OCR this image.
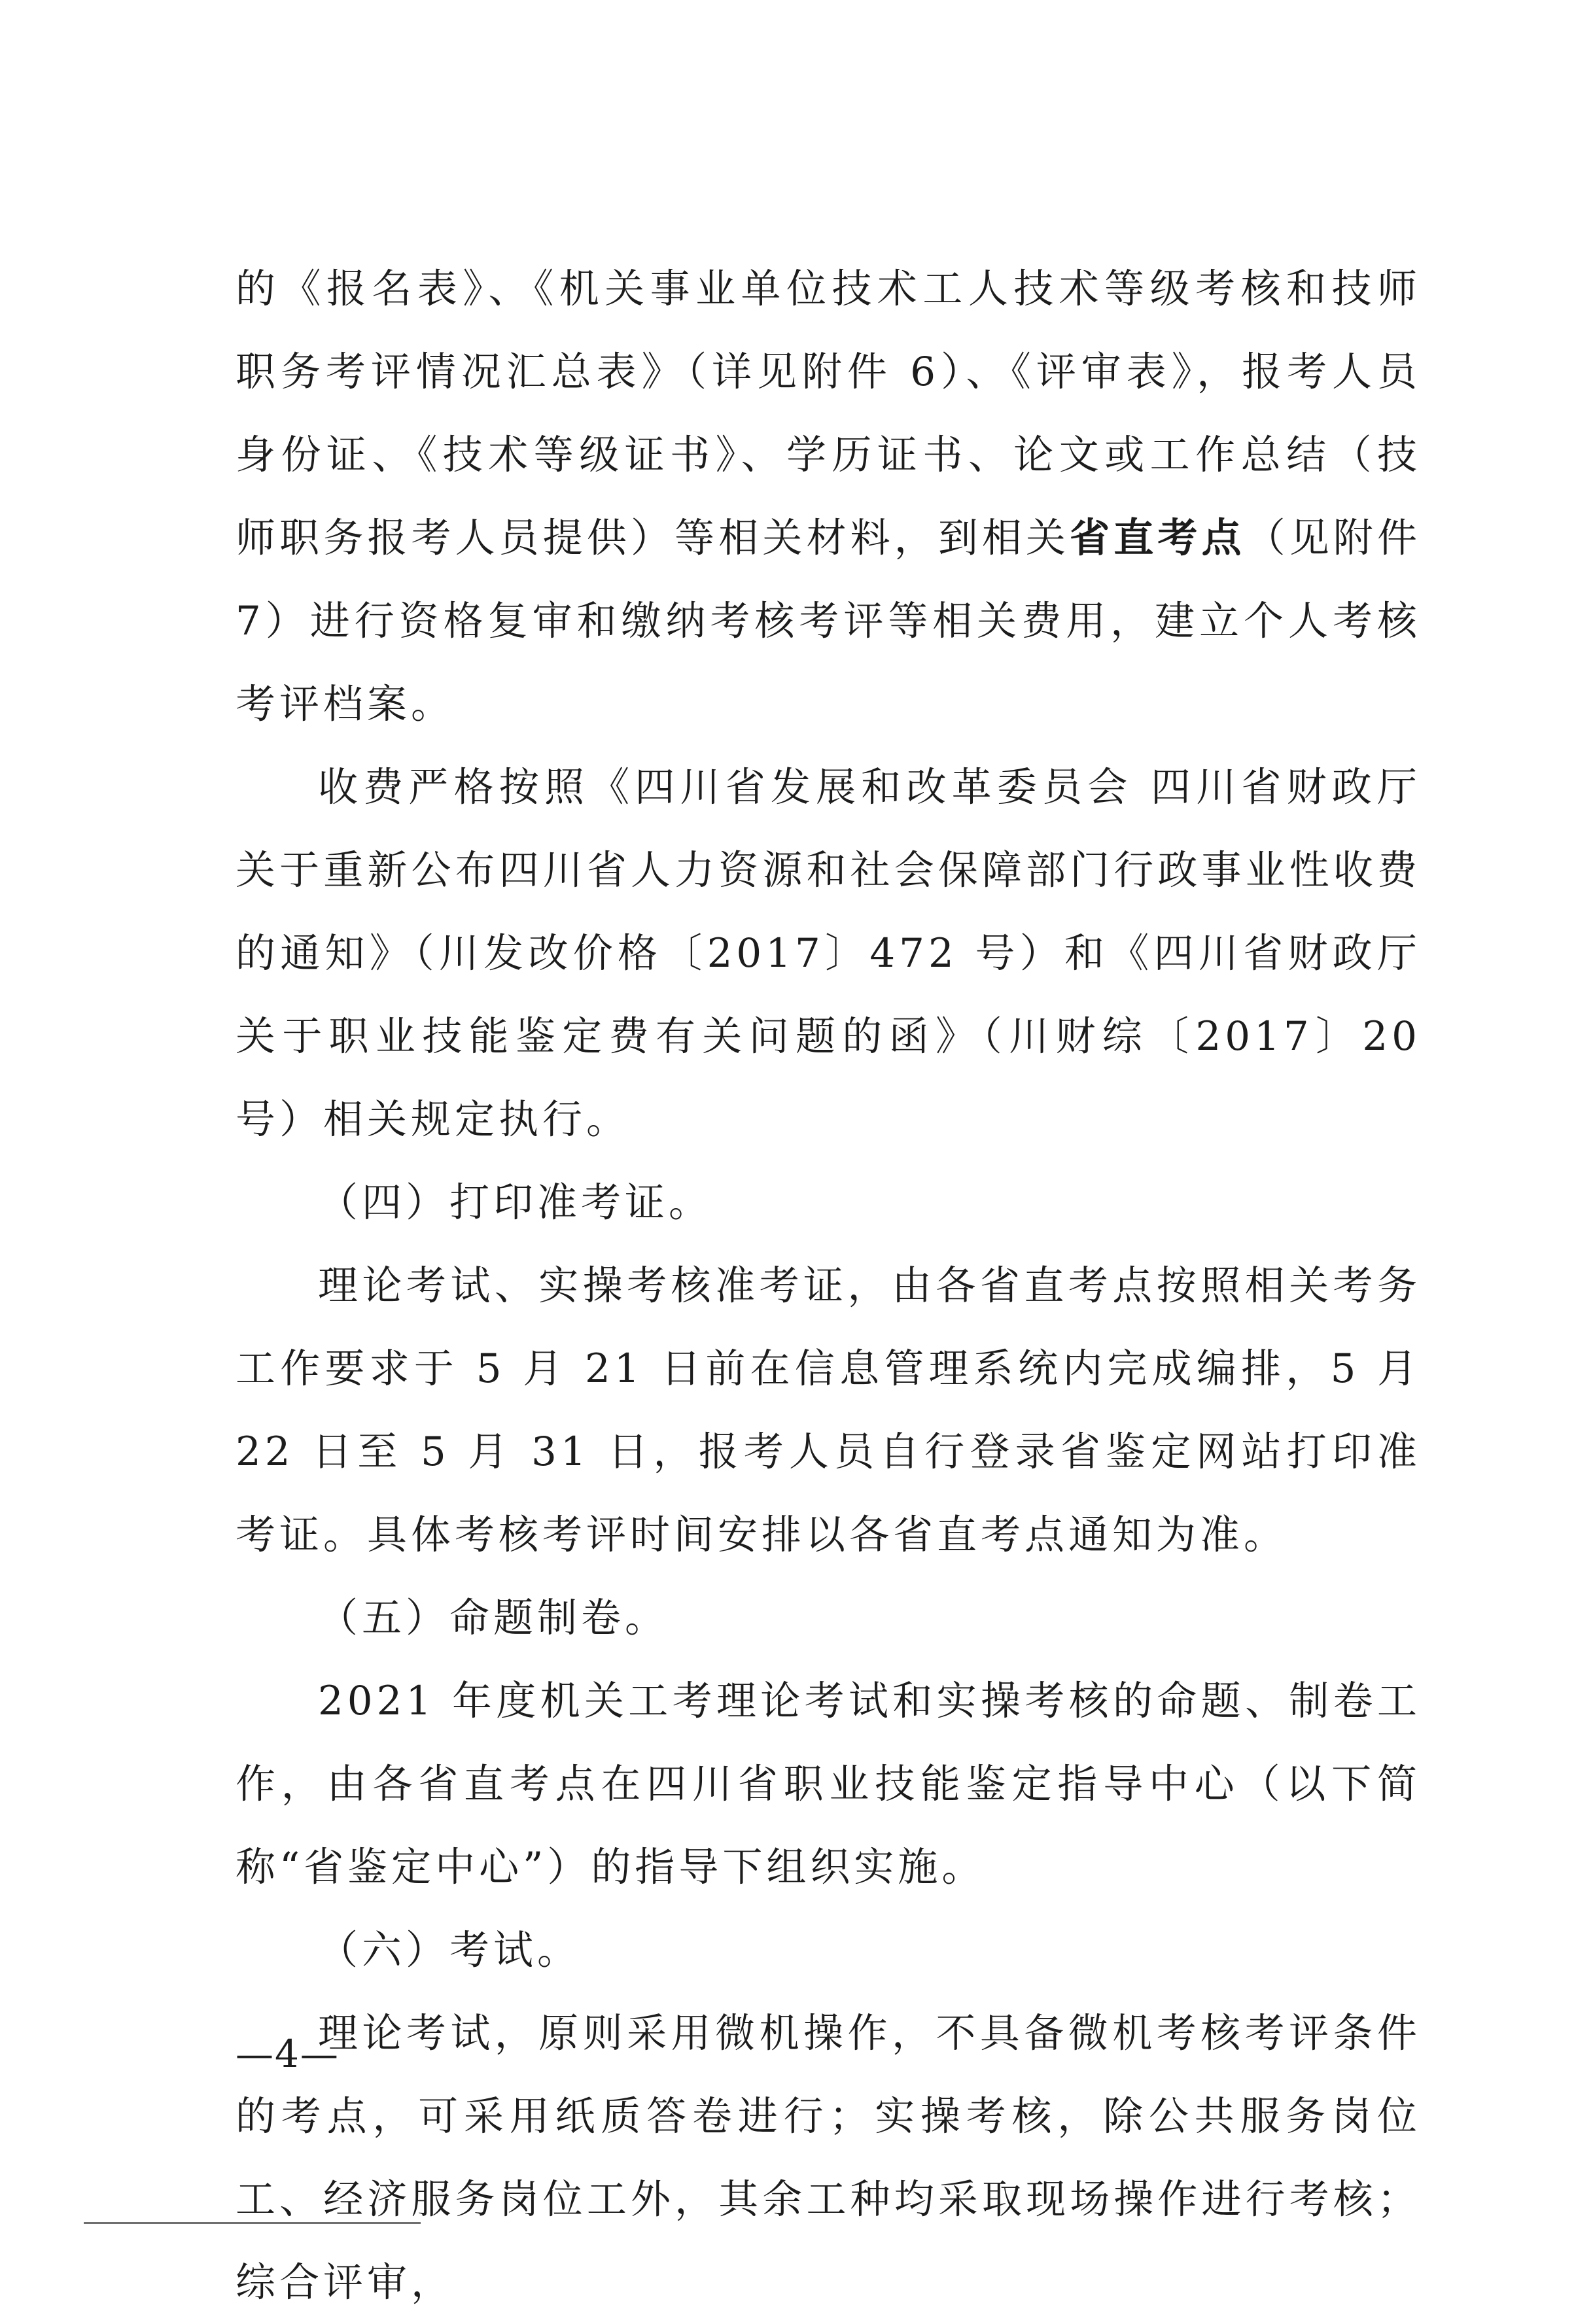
的《报名表》、《机关事业单位技术工人技术等级考核和技师职务考评情况汇总表》（详见附件 6）、《评审表》，报考人员身份证、《技术等级证书》、学历证书、论文或工作总结（技师职务报考人员提供）等相关材料，到相关省直考点（见附件 7）进行资格复审和缴纳考核考评等相关费用，建立个人考核考评档案。

收费严格按照《四川省发展和改革委员会 四川省财政厅关于重新公布四川省人力资源和社会保障部门行政事业性收费的通知》（川发改价格〔2017〕472 号）和《四川省财政厅关于职业技能鉴定费有关问题的函》（川财综〔2017〕20 号）相关规定执行。

（四）打印准考证。

理论考试、实操考核准考证，由各省直考点按照相关考务工作要求于 5 月 21 日前在信息管理系统内完成编排，5 月 22 日至 5 月 31 日，报考人员自行登录省鉴定网站打印准考证。具体考核考评时间安排以各省直考点通知为准。

（五）命题制卷。

2021 年度机关工考理论考试和实操考核的命题、制卷工作，由各省直考点在四川省职业技能鉴定指导中心（以下简称“省鉴定中心”）的指导下组织实施。

（六）考试。

理论考试，原则采用微机操作，不具备微机考核考评条件的考点，可采用纸质答卷进行；实操考核，除公共服务岗位工、经济服务岗位工外，其余工种均采取现场操作进行考核；综合评审，

—4—
